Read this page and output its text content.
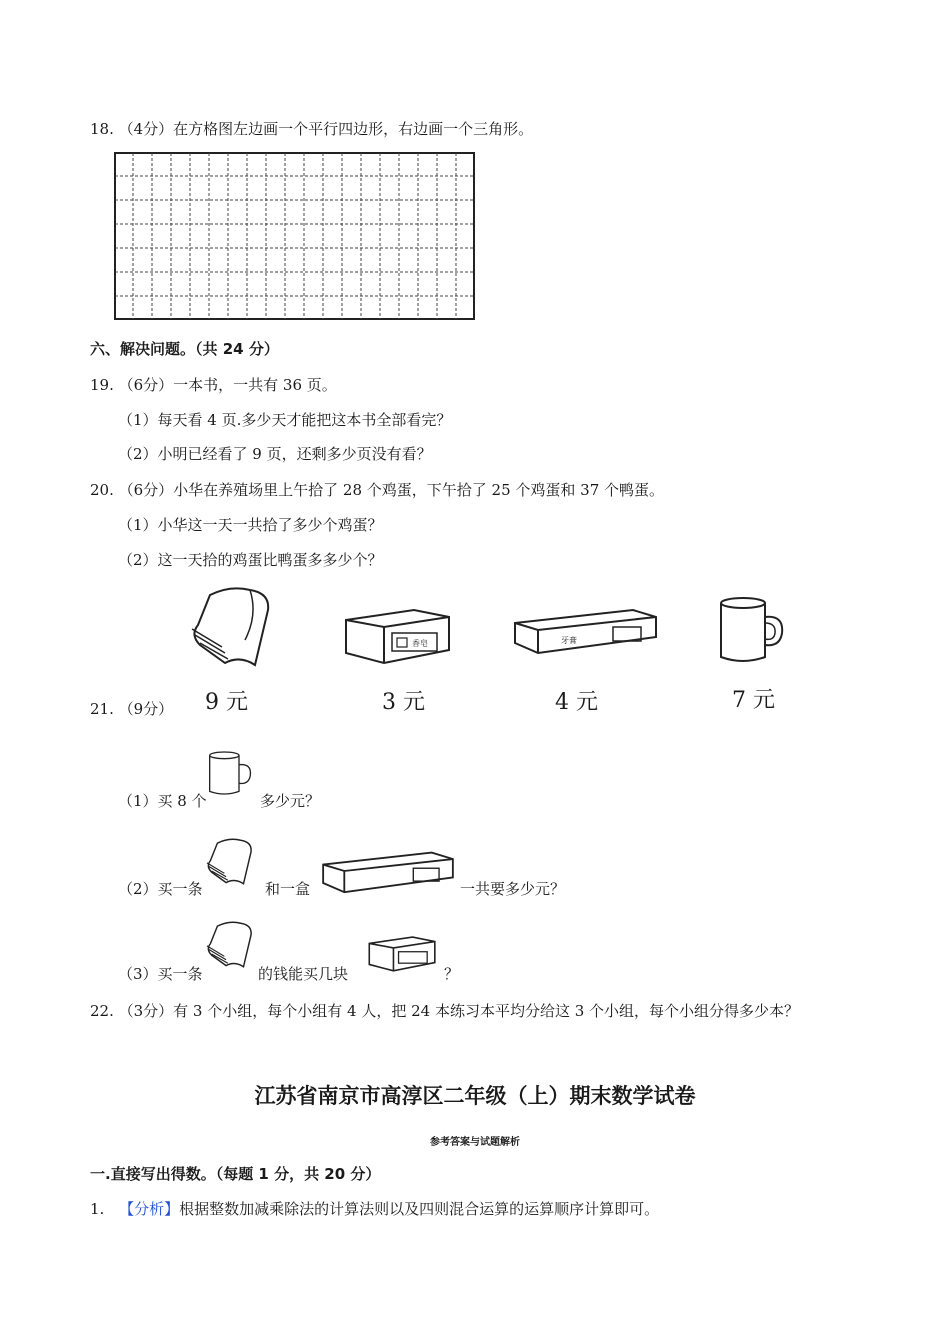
18. （4分）在方格图左边画一个平行四边形，右边画一个三角形。
六、解决问题。（共 24 分）
19. （6分）一本书，一共有 36 页。
（1）每天看 4 页.多少天才能把这本书全部看完？
（2）小明已经看了 9 页，还剩多少页没有看？
20. （6分）小华在养殖场里上午拾了 28 个鸡蛋，下午拾了 25 个鸡蛋和 37 个鸭蛋。
（1）小华这一天一共拾了多少个鸡蛋？
（2）这一天拾的鸡蛋比鸭蛋多多少个？
9 元
香皂
3 元
牙膏
4 元	7 元
21. （9分）
（1）买 8 个	多少元？
（2）买一条	和一盒	一共要多少元？
（3）买一条	的钱能买几块	？
22. （3分）有 3 个小组，每个小组有 4 人，把 24 本练习本平均分给这 3 个小组，每个小组分得多少本？
江苏省南京市高淳区二年级（上）期末数学试卷
参考答案与试题解析
一.直接写出得数。（每题 1 分，共 20 分）
1. 【分析】根据整数加减乘除法的计算法则以及四则混合运算的运算顺序计算即可。
